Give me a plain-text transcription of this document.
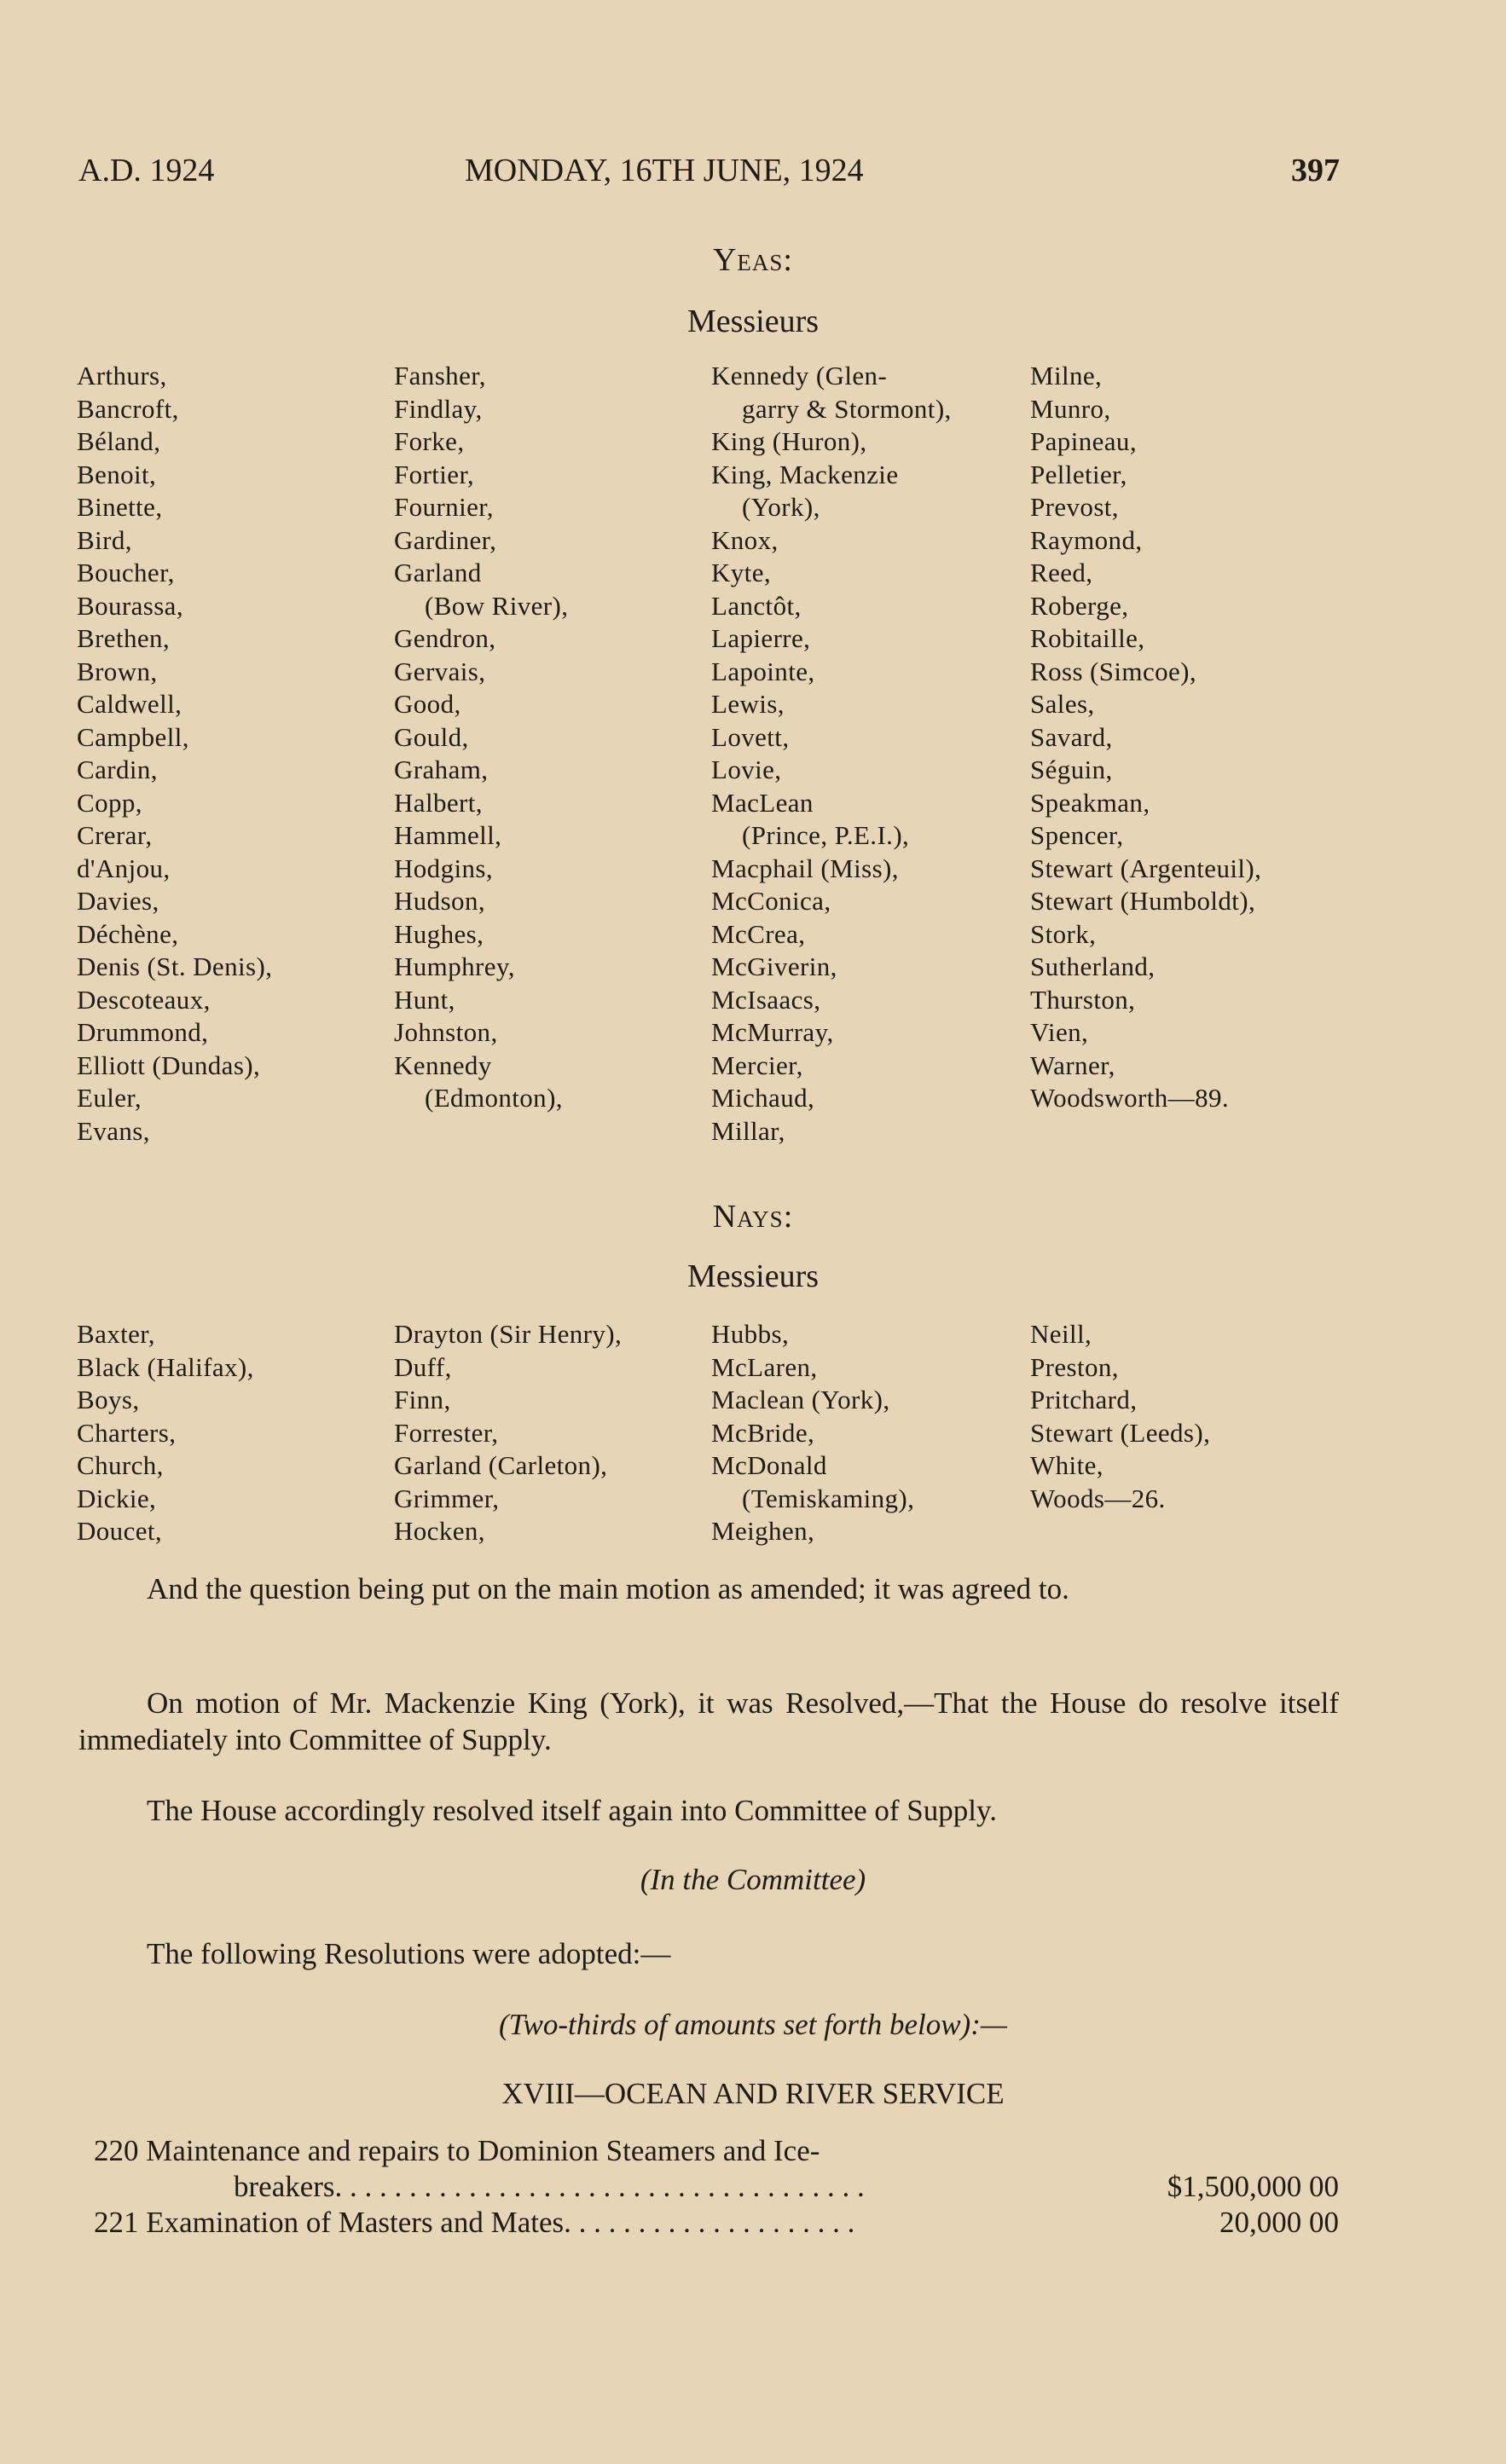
A.D. 1924	MONDAY, 16TH JUNE, 1924	397
Yeas:
Messieurs
Arthurs,
Bancroft,
Béland,
Benoit,
Binette,
Bird,
Boucher,
Bourassa,
Brethen,
Brown,
Caldwell,
Campbell,
Cardin,
Copp,
Crerar,
d'Anjou,
Davies,
Déchène,
Denis (St. Denis),
Descoteaux,
Drummond,
Elliott (Dundas),
Euler,
Evans,
Fansher,
Findlay,
Forke,
Fortier,
Fournier,
Gardiner,
Garland
(Bow River),
Gendron,
Gervais,
Good,
Gould,
Graham,
Halbert,
Hammell,
Hodgins,
Hudson,
Hughes,
Humphrey,
Hunt,
Johnston,
Kennedy
(Edmonton),
Kennedy (Glen-
garry & Stormont),
King (Huron),
King, Mackenzie
(York),
Knox,
Kyte,
Lanctôt,
Lapierre,
Lapointe,
Lewis,
Lovett,
Lovie,
MacLean
(Prince, P.E.I.),
Macphail (Miss),
McConica,
McCrea,
McGiverin,
McIsaacs,
McMurray,
Mercier,
Michaud,
Millar,
Milne,
Munro,
Papineau,
Pelletier,
Prevost,
Raymond,
Reed,
Roberge,
Robitaille,
Ross (Simcoe),
Sales,
Savard,
Séguin,
Speakman,
Spencer,
Stewart (Argenteuil),
Stewart (Humboldt),
Stork,
Sutherland,
Thurston,
Vien,
Warner,
Woodsworth—89.
Nays:
Messieurs
Baxter,
Black (Halifax),
Boys,
Charters,
Church,
Dickie,
Doucet,
Drayton (Sir Henry),
Duff,
Finn,
Forrester,
Garland (Carleton),
Grimmer,
Hocken,
Hubbs,
McLaren,
Maclean (York),
McBride,
McDonald
(Temiskaming),
Meighen,
Neill,
Preston,
Pritchard,
Stewart (Leeds),
White,
Woods—26.
And the question being put on the main motion as amended; it was agreed to.
On motion of Mr. Mackenzie King (York), it was Resolved,—That the House do resolve itself immediately into Committee of Supply.
The House accordingly resolved itself again into Committee of Supply.
(In the Committee)
The following Resolutions were adopted:—
(Two-thirds of amounts set forth below):—
XVIII—OCEAN AND RIVER SERVICE
220 Maintenance and repairs to Dominion Steamers and Ice-
breakers. . . . . . . . . . . . . . . . . . . . . . . . . . . . . . . . . . . .	$1,500,000 00
221 Examination of Masters and Mates. . . . . . . . . . . . . . . . . . . .	20,000 00
